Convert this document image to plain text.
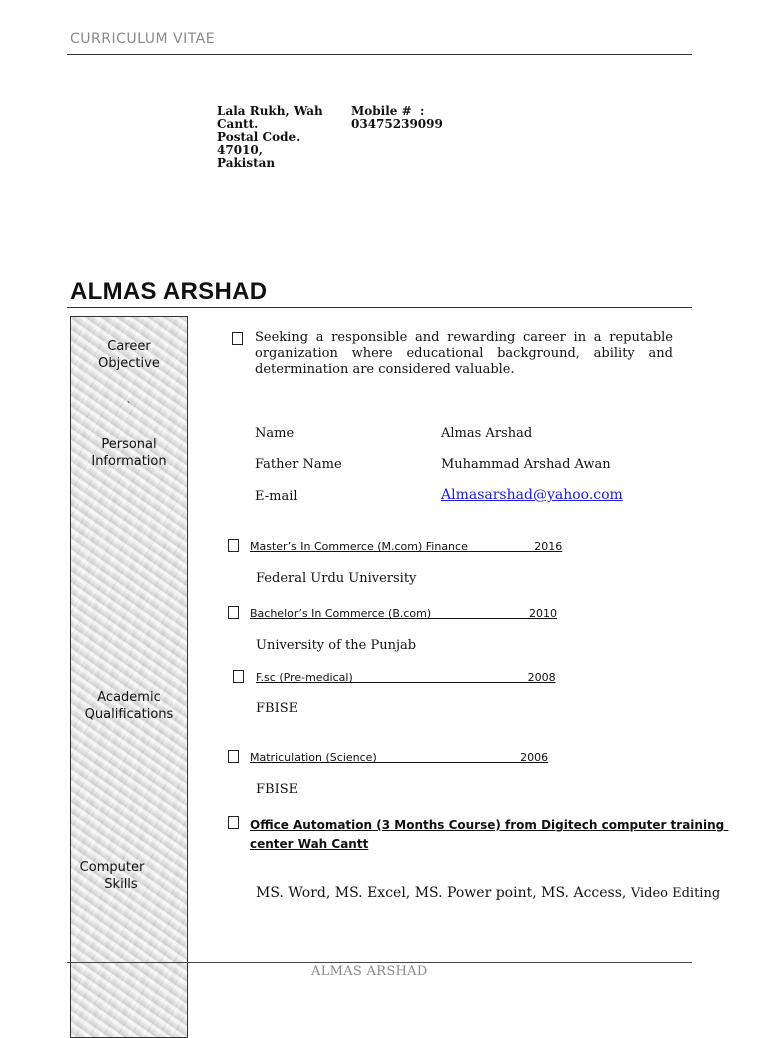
CURRICULUM VITAE
Lala Rukh, Wah
Cantt.
Postal Code.
47010,
Pakistan
Mobile #  :
03475239099
ALMAS ARSHAD
Career
Objective
`
Personal
Information
Academic
Qualifications
Computer
Skills
Seeking a responsible and rewarding career in a reputable organization where educational background, ability and determination are considered valuable.
Name	Almas Arshad
Father Name	Muhammad Arshad Awan
E-mail	Almasarshad@yahoo.com
Master’s In Commerce (M.com) Finance                   2016
Federal Urdu University
Bachelor’s In Commerce (B.com)                            2010
University of the Punjab
F.sc (Pre-medical)                                                  2008
FBISE
Matriculation (Science)                                         2006
FBISE
Office Automation (3 Months Course) from Digitech computer training
center Wah Cantt
MS. Word, MS. Excel, MS. Power point, MS. Access, Video Editing
ALMAS ARSHAD
